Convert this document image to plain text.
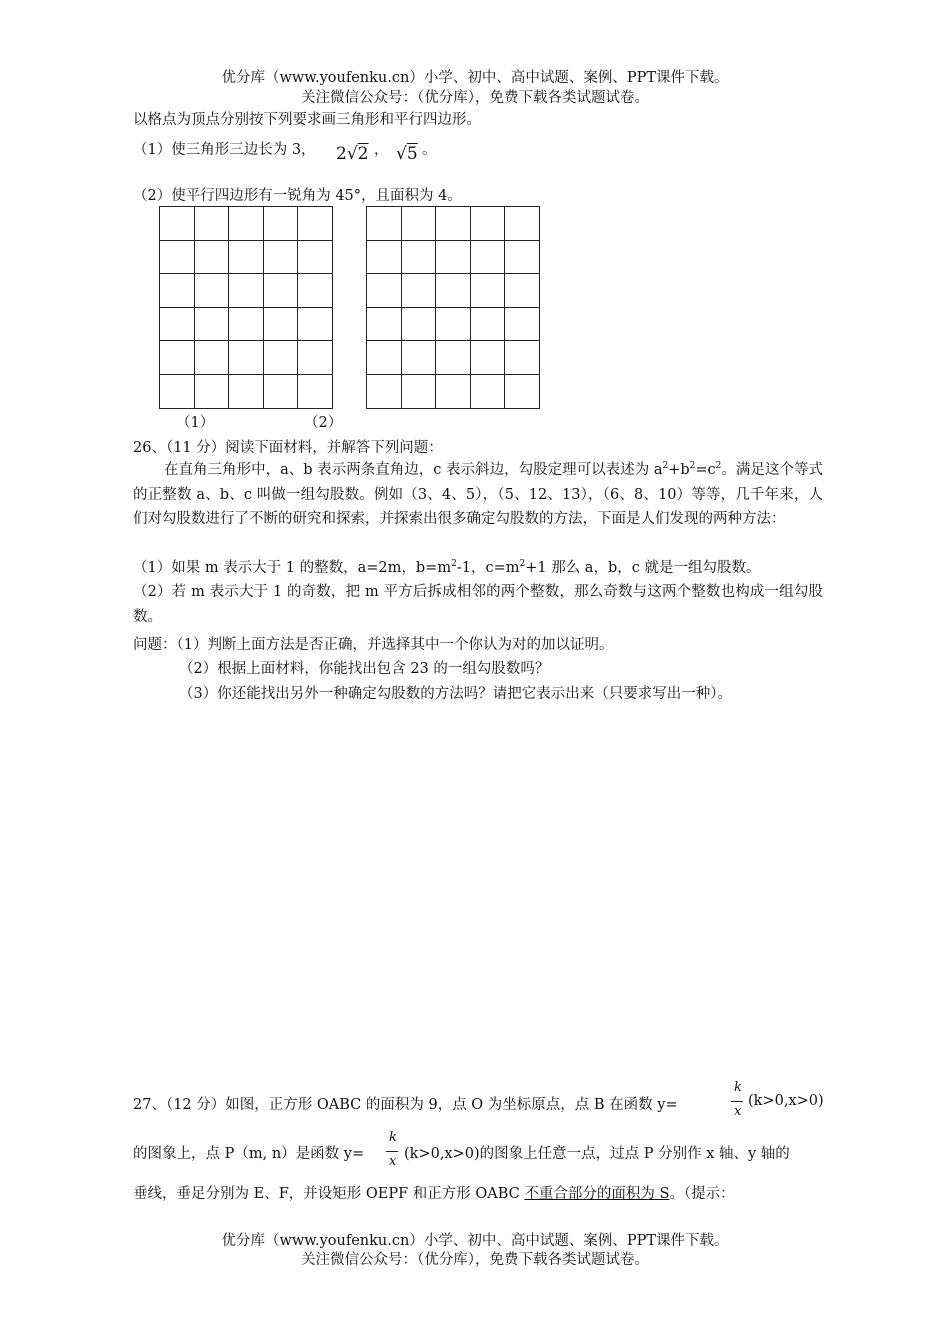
优分库（www.youfenku.cn）小学、初中、高中试题、案例、PPT课件下载。
关注微信公众号：（优分库），免费下载各类试题试卷。
以格点为顶点分别按下列要求画三角形和平行四边形。
（1）使三角形三边长为 3， 2√2 ， √5 。
（2）使平行四边形有一锐角为 45°，且面积为 4。

（1）	（2）
26、（11 分）阅读下面材料，并解答下列问题：
在直角三角形中，a、b 表示两条直角边，c 表示斜边，勾股定理可以表述为 $a^2+b^2=c^2$。满足这个等式的正整数 a、b、c 叫做一组勾股数。例如（3、4、5），（5、12、13），（6、8、10）等等，几千年来，人们对勾股数进行了不断的研究和探索，并探索出很多确定勾股数的方法，下面是人们发现的两种方法：
（1）如果 m 表示大于 1 的整数，a=2m，$b=m^2-1$，$c=m^2+1$ 那么 a，b，c 就是一组勾股数。
（2）若 m 表示大于 1 的奇数，把 m 平方后拆成相邻的两个整数，那么奇数与这两个整数也构成一组勾股数。
问题：（1）判断上面方法是否正确，并选择其中一个你认为对的加以证明。
（2）根据上面材料，你能找出包含 23 的一组勾股数吗？
（3）你还能找出另外一种确定勾股数的方法吗？请把它表示出来（只要求写出一种）。
27、（12 分）如图，正方形 OABC 的面积为 9，点 O 为坐标原点，点 B 在函数 y=
k
x
(k>0,x>0)
的图象上，点 P（m, n）是函数 y=
k
x (k>0,x>0)的图象上任意一点，过点 P 分别作 x 轴、y 轴的
垂线，垂足分别为 E、F，并设矩形 OEPF 和正方形 OABC 不重合部分的面积为 S。（提示：
优分库（www.youfenku.cn）小学、初中、高中试题、案例、PPT课件下载。
关注微信公众号：（优分库），免费下载各类试题试卷。
